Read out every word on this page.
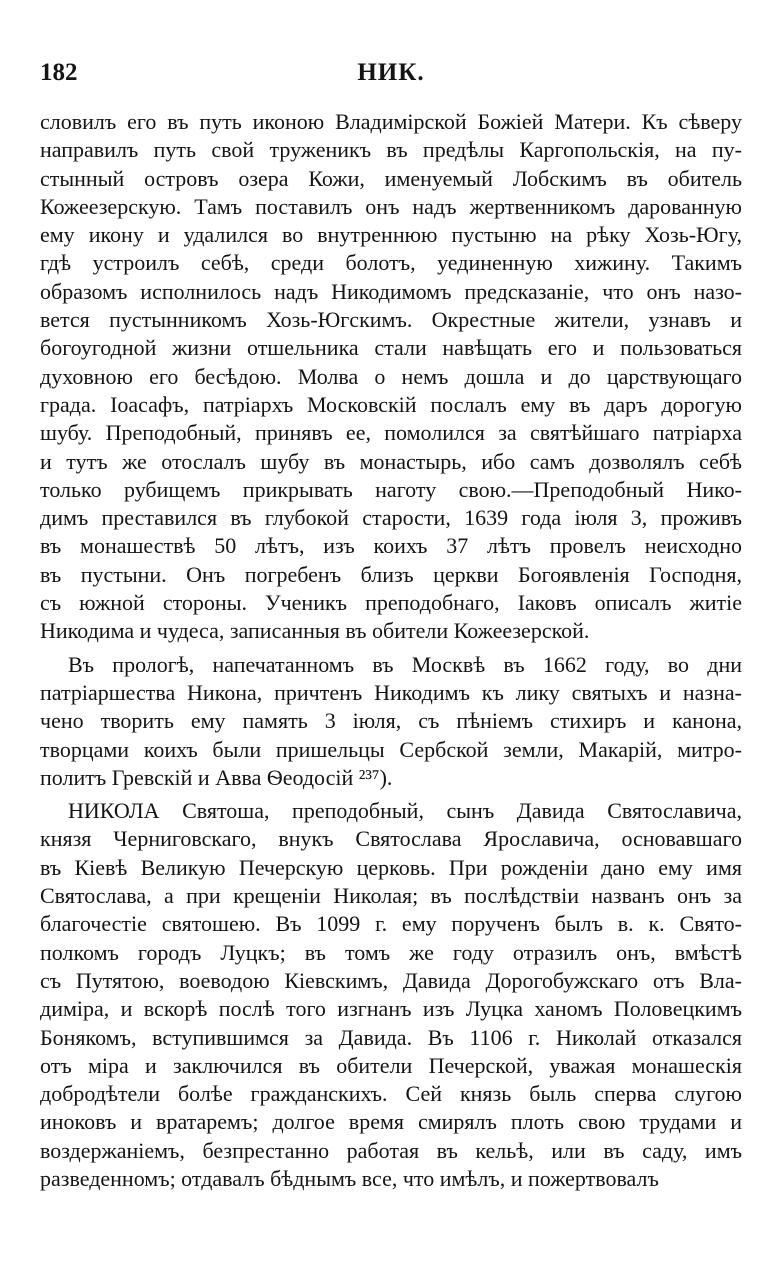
182	НИК.
словилъ его въ путь иконою Владимірской Божіей Матери. Къ сѣверу
направилъ путь свой труженикъ въ предѣлы Каргопольскія, на пу-
стынный островъ озера Кожи, именуемый Лобскимъ въ обитель
Кожеезерскую. Тамъ поставилъ онъ надъ жертвенникомъ дарованную
ему икону и удалился во внутреннюю пустыню на рѣку Хозь-Югу,
гдѣ устроилъ себѣ, среди болотъ, уединенную хижину. Такимъ
образомъ исполнилось надъ Никодимомъ предсказаніе, что онъ назо-
вется пустынникомъ Хозь-Югскимъ. Окрестные жители, узнавъ и
богоугодной жизни отшельника стали навѣщать его и пользоваться
духовною его бесѣдою. Молва о немъ дошла и до царствующаго
града. Іоасафъ, патріархъ Московскій послалъ ему въ даръ дорогую
шубу. Преподобный, принявъ ее, помолился за святѣйшаго патріарха
и тутъ же отослалъ шубу въ монастырь, ибо самъ дозволялъ себѣ
только рубищемъ прикрывать наготу свою.—Преподобный Нико-
димъ преставился въ глубокой старости, 1639 года іюля 3, проживъ
въ монашествѣ 50 лѣтъ, изъ коихъ 37 лѣтъ провелъ неисходно
въ пустыни. Онъ погребенъ близъ церкви Богоявленія Господня,
съ южной стороны. Ученикъ преподобнаго, Іаковъ описалъ житіе
Никодима и чудеса, записанныя въ обители Кожеезерской.
Въ прологѣ, напечатанномъ въ Москвѣ въ 1662 году, во дни
патріаршества Никона, причтенъ Никодимъ къ лику святыхъ и назна-
чено творить ему память 3 іюля, съ пѣніемъ стихиръ и канона,
творцами коихъ были пришельцы Сербской земли, Макарій, митро-
политъ Гревскій и Авва Ѳеодосій ²³⁷).
НИКОЛА Святоша, преподобный, сынъ Давида Святославича,
князя Черниговскаго, внукъ Святослава Ярославича, основавшаго
въ Кіевѣ Великую Печерскую церковь. При рожденіи дано ему имя
Святослава, а при крещеніи Николая; въ послѣдствіи названъ онъ за
благочестіе святошею. Въ 1099 г. ему порученъ былъ в. к. Свято-
полкомъ городъ Луцкъ; въ томъ же году отразилъ онъ, вмѣстѣ
съ Путятою, воеводою Кіевскимъ, Давида Дорогобужскаго отъ Вла-
диміра, и вскорѣ послѣ того изгнанъ изъ Луцка ханомъ Половецкимъ
Бонякомъ, вступившимся за Давида. Въ 1106 г. Николай отказался
отъ міра и заключился въ обители Печерской, уважая монашескія
добродѣтели болѣе гражданскихъ. Сей князь быль сперва слугою
иноковъ и вратаремъ; долгое время смирялъ плоть свою трудами и
воздержаніемъ, безпрестанно работая въ кельѣ, или въ саду, имъ
разведенномъ; отдавалъ бѣднымъ все, что имѣлъ, и пожертвовалъ
